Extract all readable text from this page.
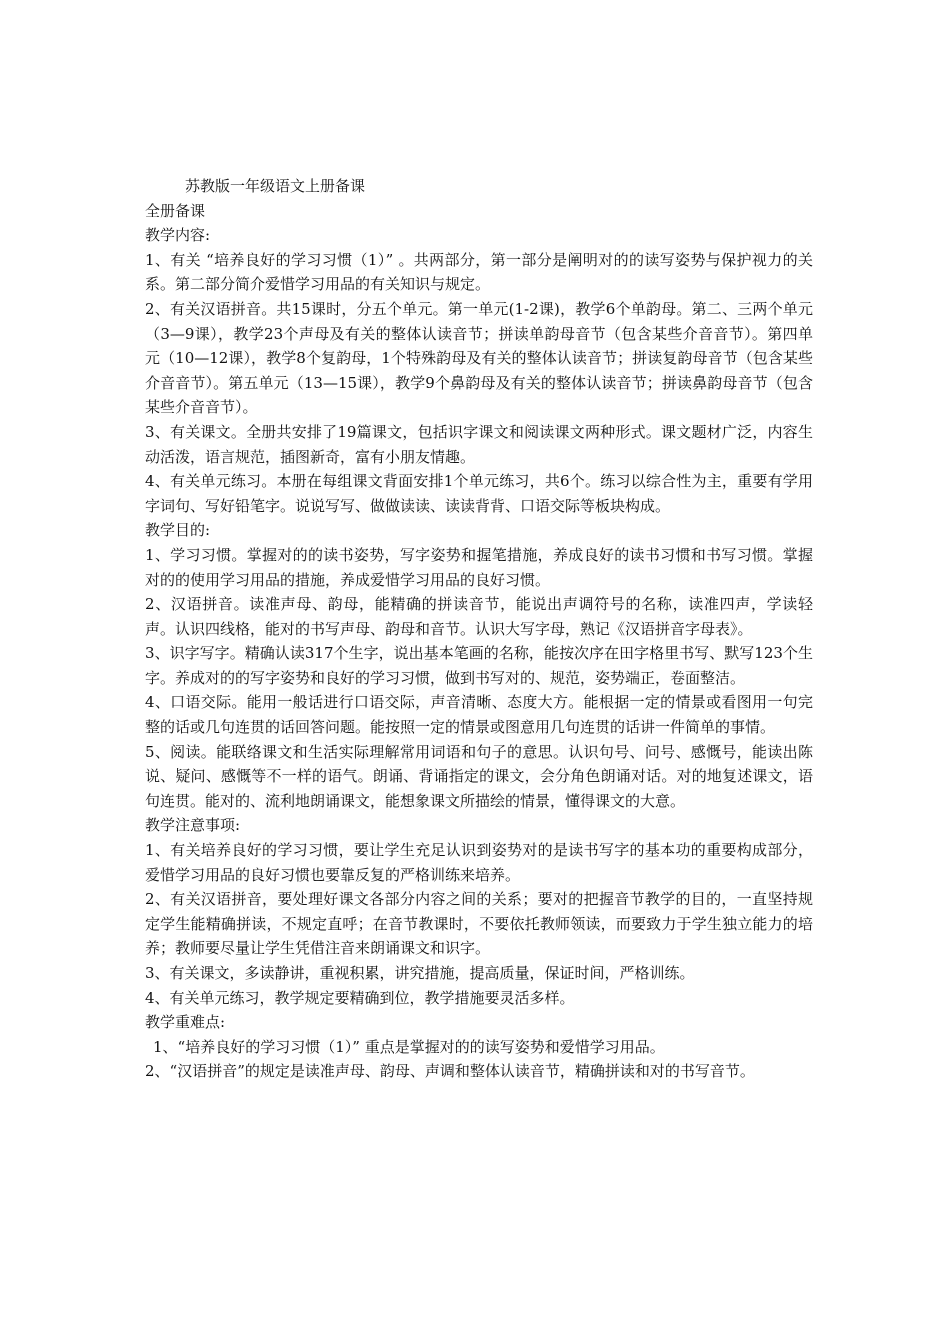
苏教版一年级语文上册备课

全册备课

教学内容:

1、有关 “培养良好的学习习惯（1）” 。共两部分，第一部分是阐明对的的读写姿势与保护视力的关系。第二部分简介爱惜学习用品的有关知识与规定。

2、有关汉语拼音。共15课时，分五个单元。第一单元(1-2课)，教学6个单韵母。第二、三两个单元（3—9课），教学23个声母及有关的整体认读音节；拼读单韵母音节（包含某些介音音节）。第四单元（10—12课），教学8个复韵母，1个特殊韵母及有关的整体认读音节；拼读复韵母音节（包含某些介音音节）。第五单元（13—15课），教学9个鼻韵母及有关的整体认读音节；拼读鼻韵母音节（包含某些介音音节）。

3、有关课文。全册共安排了19篇课文，包括识字课文和阅读课文两种形式。课文题材广泛，内容生动活泼，语言规范，插图新奇，富有小朋友情趣。

4、有关单元练习。本册在每组课文背面安排1个单元练习，共6个。练习以综合性为主，重要有学用字词句、写好铅笔字。说说写写、做做读读、读读背背、口语交际等板块构成。

教学目的:

1、学习习惯。掌握对的的读书姿势，写字姿势和握笔措施，养成良好的读书习惯和书写习惯。掌握对的的使用学习用品的措施，养成爱惜学习用品的良好习惯。

2、汉语拼音。读准声母、韵母，能精确的拼读音节，能说出声调符号的名称，读准四声，学读轻声。认识四线格，能对的书写声母、韵母和音节。认识大写字母，熟记《汉语拼音字母表》。

3、识字写字。精确认读317个生字，说出基本笔画的名称，能按次序在田字格里书写、默写123个生字。养成对的的写字姿势和良好的学习习惯，做到书写对的、规范，姿势端正，卷面整洁。

4、口语交际。能用一般话进行口语交际，声音清晰、态度大方。能根据一定的情景或看图用一句完整的话或几句连贯的话回答问题。能按照一定的情景或图意用几句连贯的话讲一件简单的事情。

5、阅读。能联络课文和生活实际理解常用词语和句子的意思。认识句号、问号、感慨号，能读出陈说、疑问、感慨等不一样的语气。朗诵、背诵指定的课文，会分角色朗诵对话。对的地复述课文，语句连贯。能对的、流利地朗诵课文，能想象课文所描绘的情景，懂得课文的大意。

教学注意事项:

1、有关培养良好的学习习惯，要让学生充足认识到姿势对的是读书写字的基本功的重要构成部分，爱惜学习用品的良好习惯也要靠反复的严格训练来培养。

2、有关汉语拼音，要处理好课文各部分内容之间的关系；要对的把握音节教学的目的，一直坚持规定学生能精确拼读，不规定直呼；在音节教课时，不要依托教师领读，而要致力于学生独立能力的培养；教师要尽量让学生凭借注音来朗诵课文和识字。

3、有关课文，多读静讲，重视积累，讲究措施，提高质量，保证时间，严格训练。

4、有关单元练习，教学规定要精确到位，教学措施要灵活多样。

教学重难点:

1、“培养良好的学习习惯（1）” 重点是掌握对的的读写姿势和爱惜学习用品。

2、“汉语拼音”的规定是读准声母、韵母、声调和整体认读音节，精确拼读和对的书写音节。
